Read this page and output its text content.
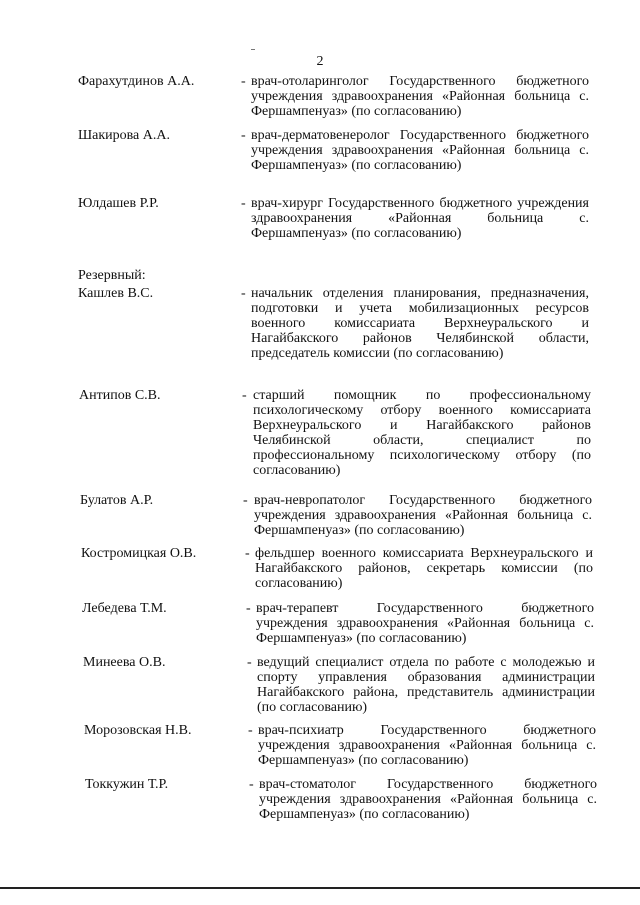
2
Фарахутдинов А.А.	- врач-отоларинголог Государственного бюджетного учреждения здравоохранения «Районная больница с. Фершампенуаз» (по согласованию)

Шакирова А.А.	- врач-дерматовенеролог Государственного бюджетного учреждения здравоохранения «Районная больница с. Фершампенуаз» (по согласованию)

Юлдашев Р.Р.	- врач-хирург Государственного бюджетного учреждения здравоохранения «Районная больница с. Фершампенуаз» (по согласованию)

Резервный:

Кашлев В.С.	- начальник отделения планирования, предназначения, подготовки и учета мобилизационных ресурсов военного комиссариата Верхнеуральского и Нагайбакского районов Челябинской области, председатель комиссии (по согласованию)

Антипов С.В.	- старший помощник по профессиональному психологическому отбору военного комиссариата Верхнеуральского и Нагайбакского районов Челябинской области, специалист по профессиональному психологическому отбору (по согласованию)

Булатов А.Р.	- врач-невропатолог Государственного бюджетного учреждения здравоохранения «Районная больница с. Фершампенуаз» (по согласованию)

Костромицкая О.В.	- фельдшер военного комиссариата Верхнеуральского и Нагайбакского районов, секретарь комиссии (по согласованию)

Лебедева Т.М.	- врач-терапевт Государственного бюджетного учреждения здравоохранения «Районная больница с. Фершампенуаз» (по согласованию)

Минеева О.В.	- ведущий специалист отдела по работе с молодежью и спорту управления образования администрации Нагайбакского района, представитель администрации (по согласованию)

Морозовская Н.В.	- врач-психиатр Государственного бюджетного учреждения здравоохранения «Районная больница с. Фершампенуаз» (по согласованию)

Токкужин Т.Р.	- врач-стоматолог Государственного бюджетного учреждения здравоохранения «Районная больница с. Фершампенуаз» (по согласованию)
